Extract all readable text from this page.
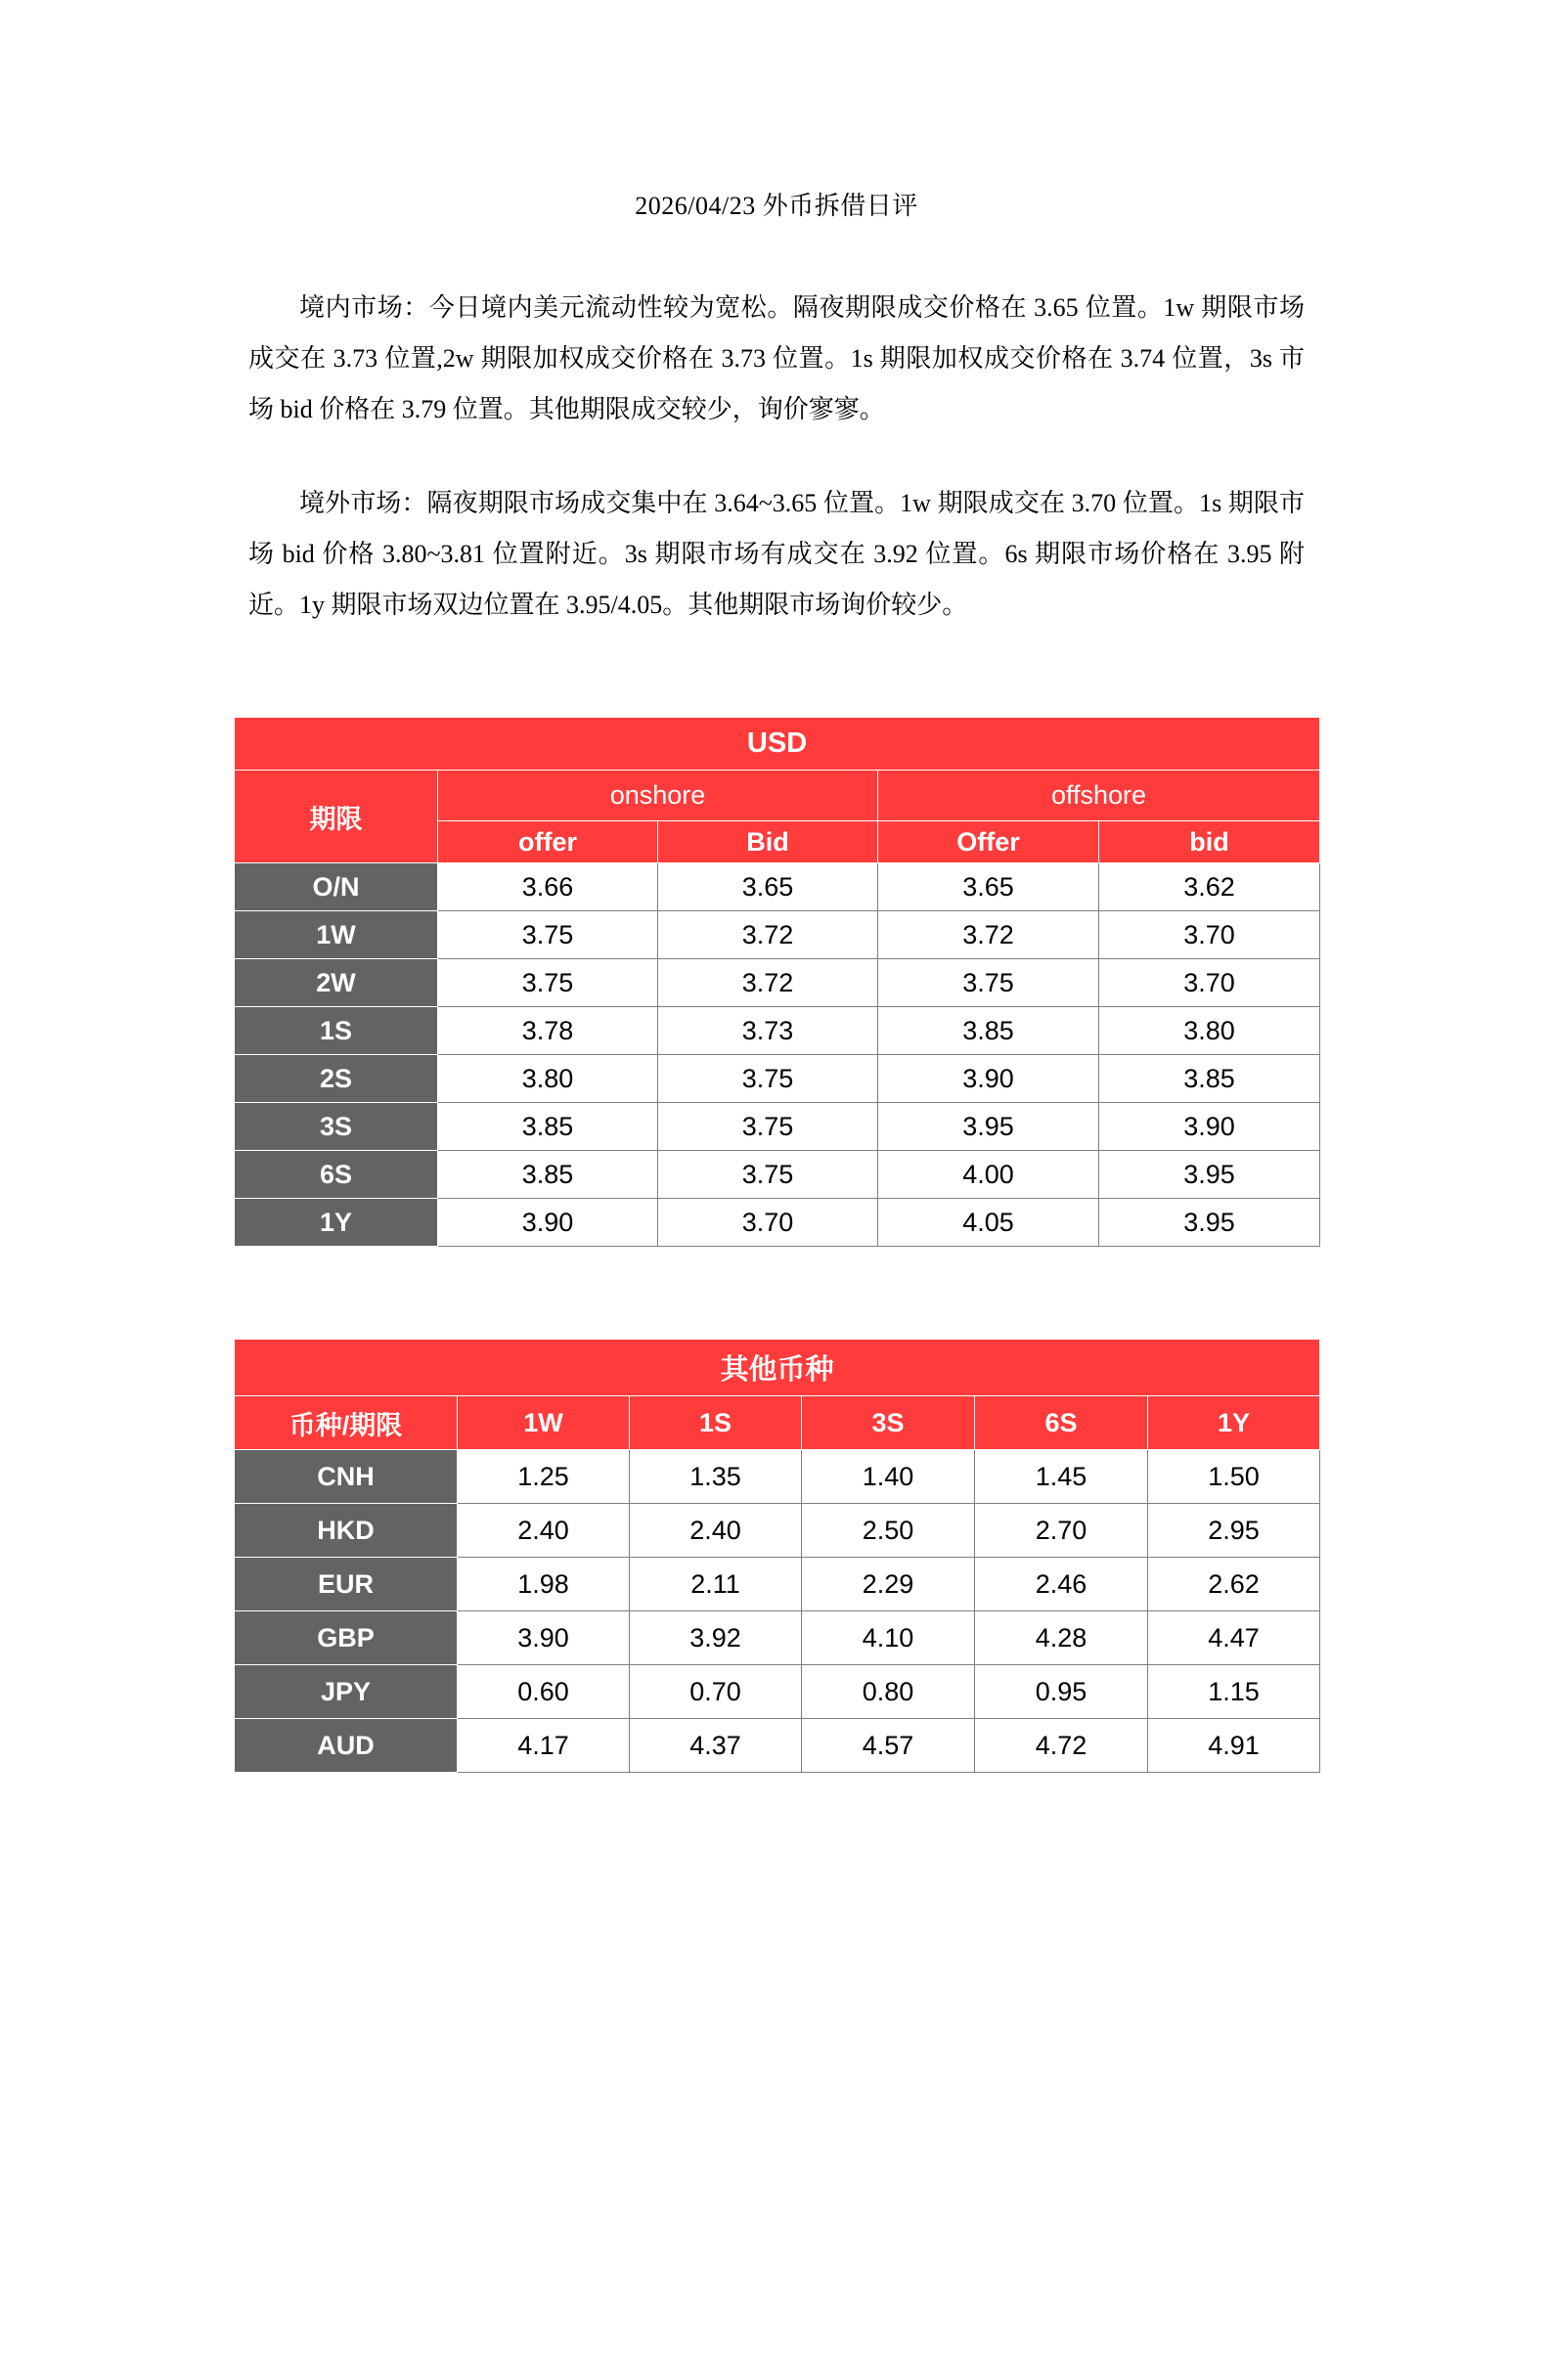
2026/04/23 外币拆借日评

境内市场：今日境内美元流动性较为宽松。隔夜期限成交价格在 3.65 位置。1w 期限市场成交在 3.73 位置,2w 期限加权成交价格在 3.73 位置。1s 期限加权成交价格在 3.74 位置，3s 市场 bid 价格在 3.79 位置。其他期限成交较少，询价寥寥。

境外市场：隔夜期限市场成交集中在 3.64~3.65 位置。1w 期限成交在 3.70 位置。1s 期限市场 bid 价格 3.80~3.81 位置附近。3s 期限市场有成交在 3.92 位置。6s 期限市场价格在 3.95 附近。1y 期限市场双边位置在 3.95/4.05。其他期限市场询价较少。

USD				
期限	onshore		offshore	
	offer	Bid	Offer	bid
O/N	3.66	3.65	3.65	3.62
1W	3.75	3.72	3.72	3.70
2W	3.75	3.72	3.75	3.70
1S	3.78	3.73	3.85	3.80
2S	3.80	3.75	3.90	3.85
3S	3.85	3.75	3.95	3.90
6S	3.85	3.75	4.00	3.95
1Y	3.90	3.70	4.05	3.95
其他币种					
币种/期限	1W	1S	3S	6S	1Y
CNH	1.25	1.35	1.40	1.45	1.50
HKD	2.40	2.40	2.50	2.70	2.95
EUR	1.98	2.11	2.29	2.46	2.62
GBP	3.90	3.92	4.10	4.28	4.47
JPY	0.60	0.70	0.80	0.95	1.15
AUD	4.17	4.37	4.57	4.72	4.91
